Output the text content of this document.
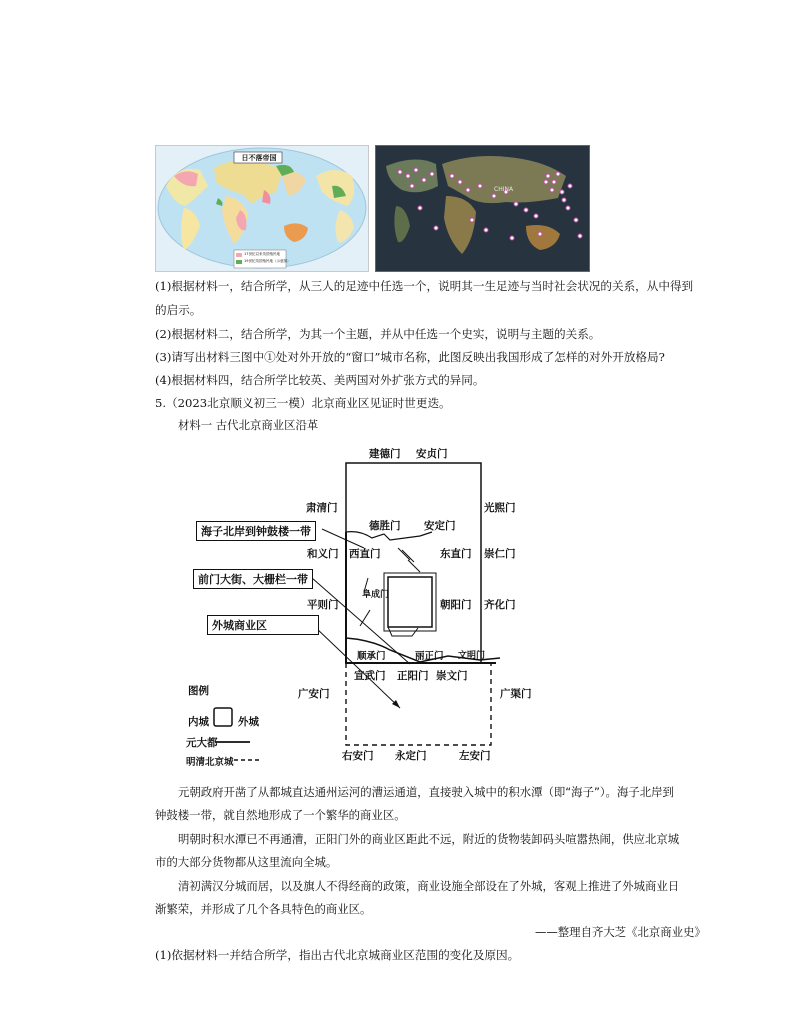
日不落帝国
17世纪以来英国殖民地
19世纪英国殖民地（示意图）
CHINA
(1)根据材料一，结合所学，从三人的足迹中任选一个，说明其一生足迹与当时社会状况的关系，从中得到
的启示。
(2)根据材料二，结合所学，为其一个主题，并从中任选一个史实，说明与主题的关系。
(3)请写出材料三图中①处对外开放的“窗口”城市名称，此图反映出我国形成了怎样的对外开放格局?
(4)根据材料四，结合所学比较英、美两国对外扩张方式的异同。
5.（2023北京顺义初三一模）北京商业区见证时世更迭。
材料一 古代北京商业区沿革
建德门 安贞门
肃清门	光熙门
德胜门 安定门
和义门 西直门	东直门 崇仁门
平则门
阜成门
朝阳门 齐化门
顺承门	丽正门 文明门
宣武门 正阳门 崇文门
广安门	广渠门
右安门 永定门	左安门
海子北岸到钟鼓楼一带
前门大街、大栅栏一带
外城商业区
图例
内城	外城
元大都
明清北京城
元朝政府开凿了从都城直达通州运河的漕运通道，直接驶入城中的积水潭（即“海子”）。海子北岸到
钟鼓楼一带，就自然地形成了一个繁华的商业区。
明朝时积水潭已不再通漕，正阳门外的商业区距此不远，附近的货物装卸码头喧嚣热闹，供应北京城
市的大部分货物都从这里流向全城。
清初满汉分城而居，以及旗人不得经商的政策，商业设施全部设在了外城，客观上推进了外城商业日
渐繁荣，并形成了几个各具特色的商业区。
——整理自齐大芝《北京商业史》
(1)依据材料一并结合所学，指出古代北京城商业区范围的变化及原因。
